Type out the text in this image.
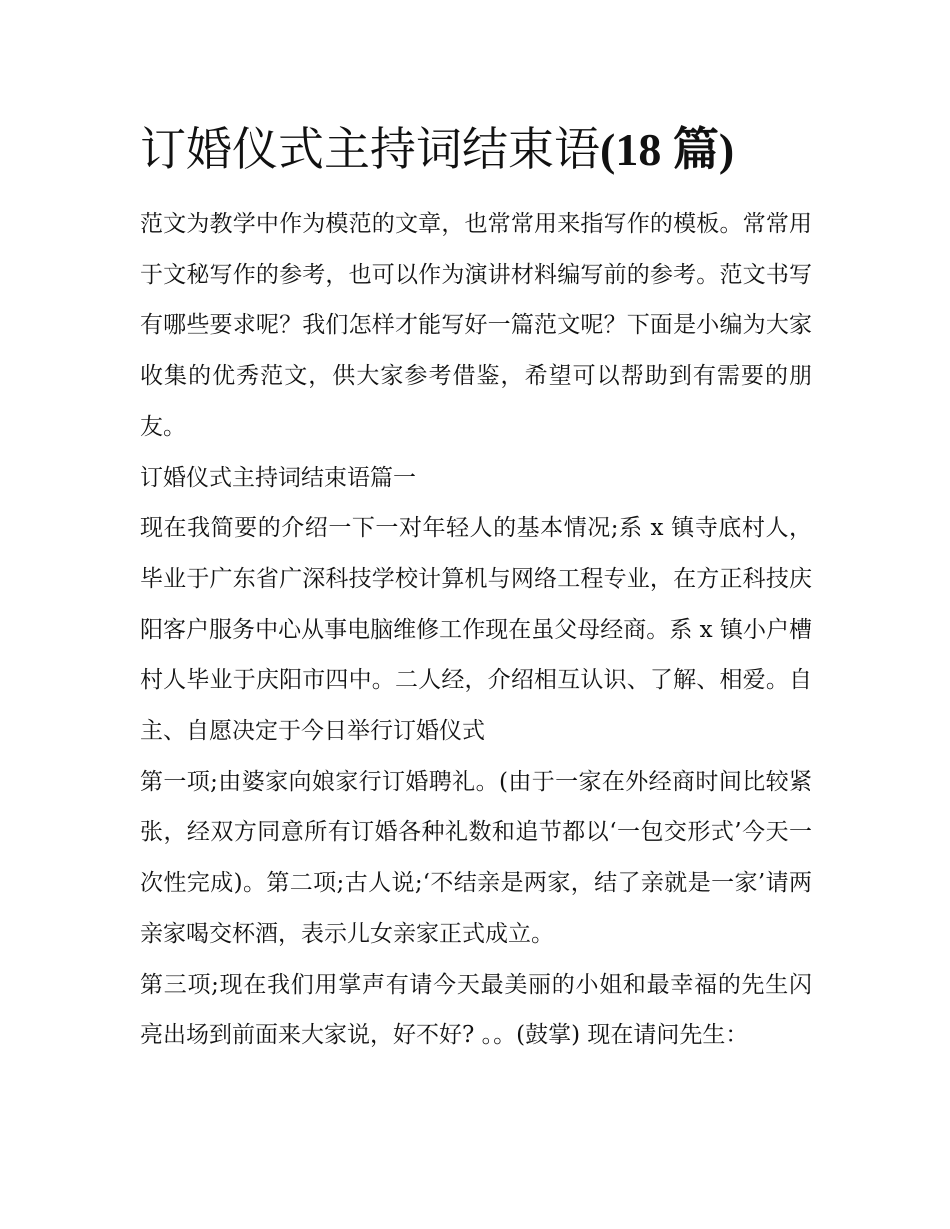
订婚仪式主持词结束语(18 篇)

范文为教学中作为模范的文章，也常常用来指写作的模板。常常用于文秘写作的参考，也可以作为演讲材料编写前的参考。范文书写有哪些要求呢？我们怎样才能写好一篇范文呢？下面是小编为大家收集的优秀范文，供大家参考借鉴，希望可以帮助到有需要的朋友。

订婚仪式主持词结束语篇一

现在我简要的介绍一下一对年轻人的基本情况;系 x 镇寺底村人，毕业于广东省广深科技学校计算机与网络工程专业，在方正科技庆阳客户服务中心从事电脑维修工作现在虽父母经商。系 x 镇小户槽村人毕业于庆阳市四中。二人经，介绍相互认识、了解、相爱。自主、自愿决定于今日举行订婚仪式

第一项;由婆家向娘家行订婚聘礼。(由于一家在外经商时间比较紧张，经双方同意所有订婚各种礼数和追节都以‘一包交形式’今天一次性完成)。第二项;古人说;‘不结亲是两家，结了亲就是一家’请两亲家喝交杯酒，表示儿女亲家正式成立。

第三项;现在我们用掌声有请今天最美丽的小姐和最幸福的先生闪亮出场到前面来大家说，好不好? 。。(鼓掌) 现在请问先生：
